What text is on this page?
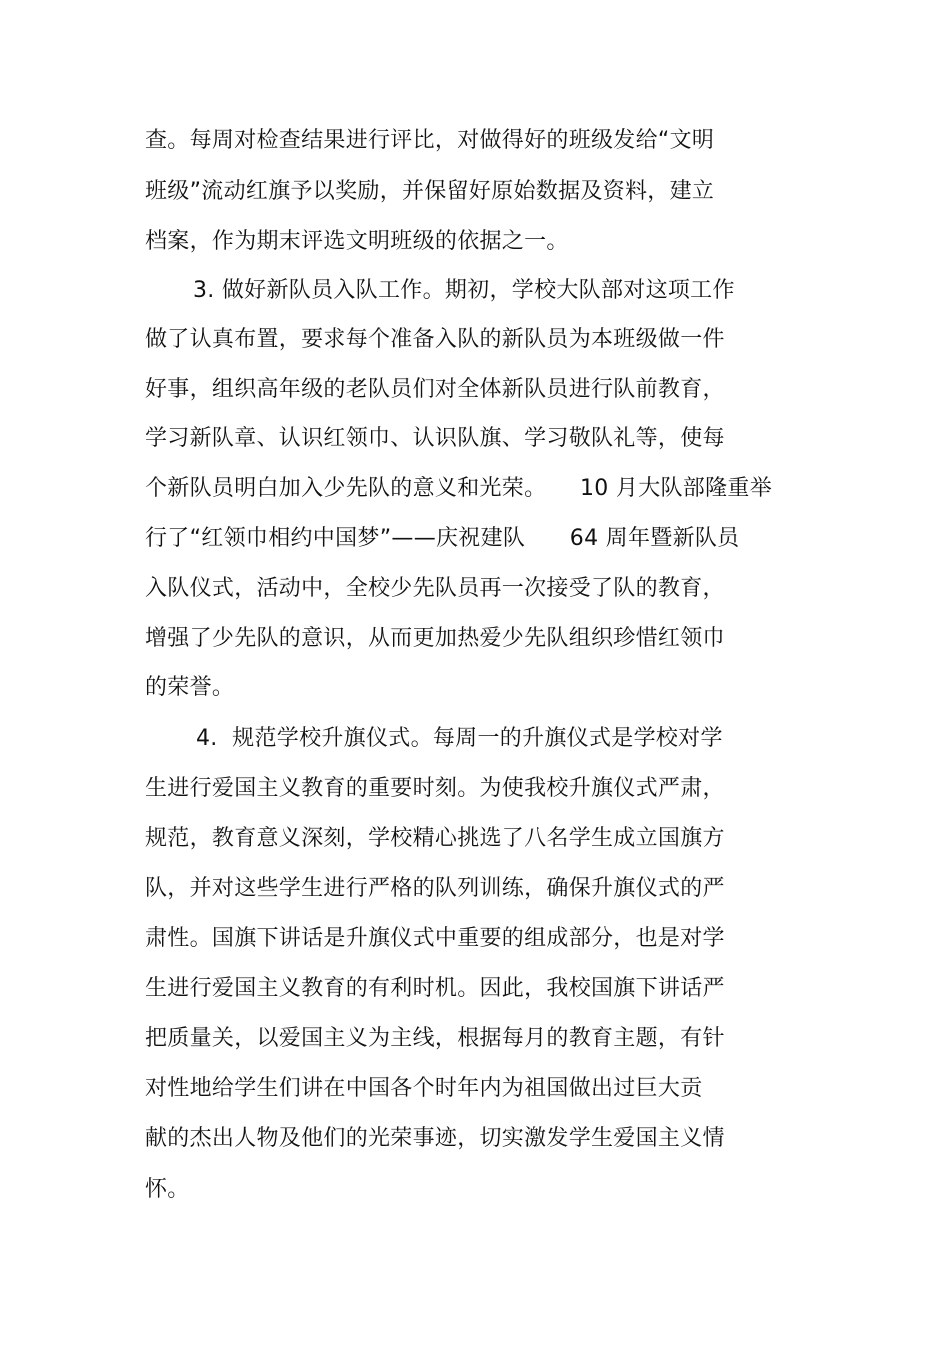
查。每周对检查结果进行评比，对做得好的班级发给“文明
班级”流动红旗予以奖励，并保留好原始数据及资料，建立
档案，作为期末评选文明班级的依据之一。
3. 做好新队员入队工作。期初，学校大队部对这项工作
做了认真布置，要求每个准备入队的新队员为本班级做一件
好事，组织高年级的老队员们对全体新队员进行队前教育，
学习新队章、认识红领巾、认识队旗、学习敬队礼等，使每
个新队员明白加入少先队的意义和光荣。　　10 月大队部隆重举
行了“红领巾相约中国梦”——庆祝建队　　64 周年暨新队员
入队仪式，活动中，全校少先队员再一次接受了队的教育，
增强了少先队的意识，从而更加热爱少先队组织珍惜红领巾
的荣誉。
4.  规范学校升旗仪式。每周一的升旗仪式是学校对学
生进行爱国主义教育的重要时刻。为使我校升旗仪式严肃，
规范，教育意义深刻，学校精心挑选了八名学生成立国旗方
队，并对这些学生进行严格的队列训练，确保升旗仪式的严
肃性。国旗下讲话是升旗仪式中重要的组成部分，也是对学
生进行爱国主义教育的有利时机。因此，我校国旗下讲话严
把质量关，以爱国主义为主线，根据每月的教育主题，有针
对性地给学生们讲在中国各个时年内为祖国做出过巨大贡
献的杰出人物及他们的光荣事迹，切实激发学生爱国主义情
怀。
